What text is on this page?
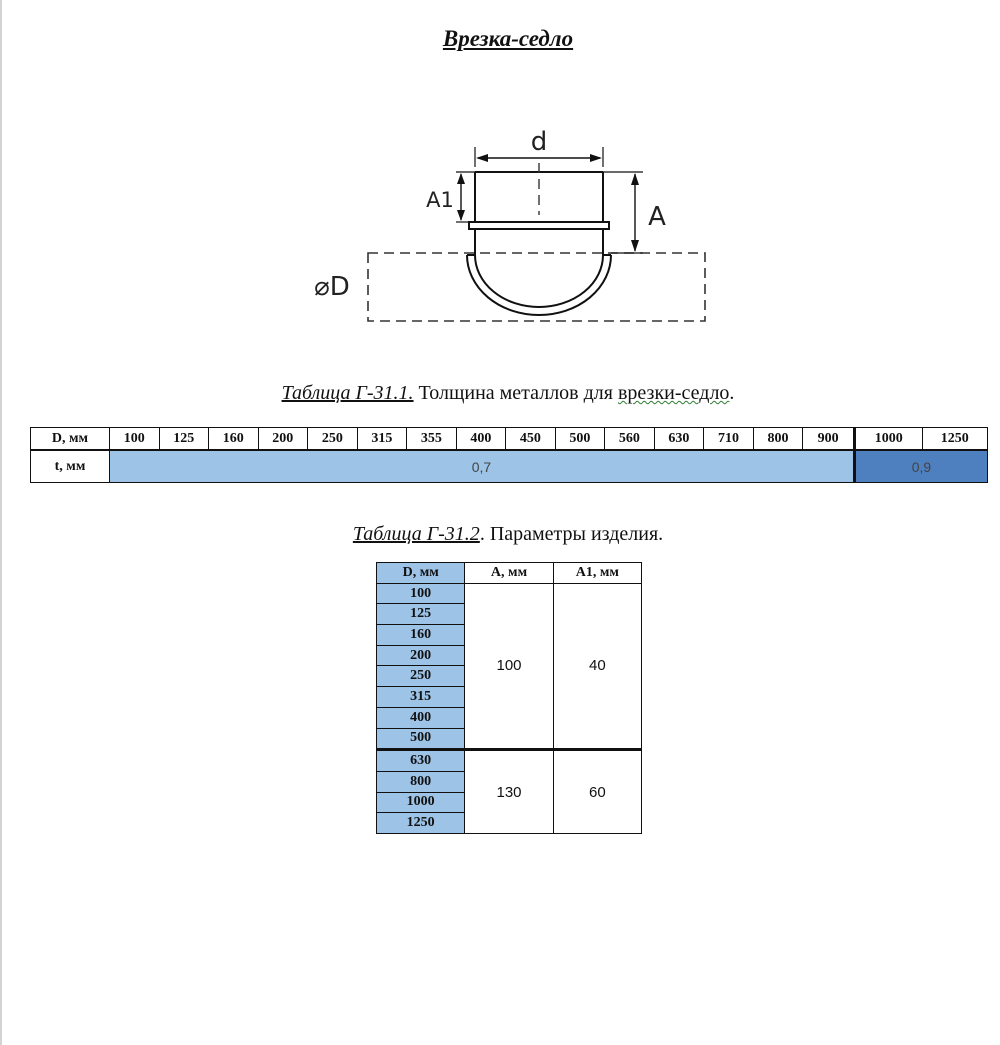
Врезка-седло
d
A1
A
⌀D
Таблица Г-31.1. Толщина металлов для врезки-седло.
D, мм	100	125	160	200	250	315	355	400	450	500	560	630	710	800	900	1000	1250
t, мм	0,7															0,9	
Таблица Г-31.2. Параметры изделия.
D, мм	A, мм	A1, мм
100	100	40
125		
160		
200		
250		
315		
400		
500		
630	130	60
800		
1000		
1250		
